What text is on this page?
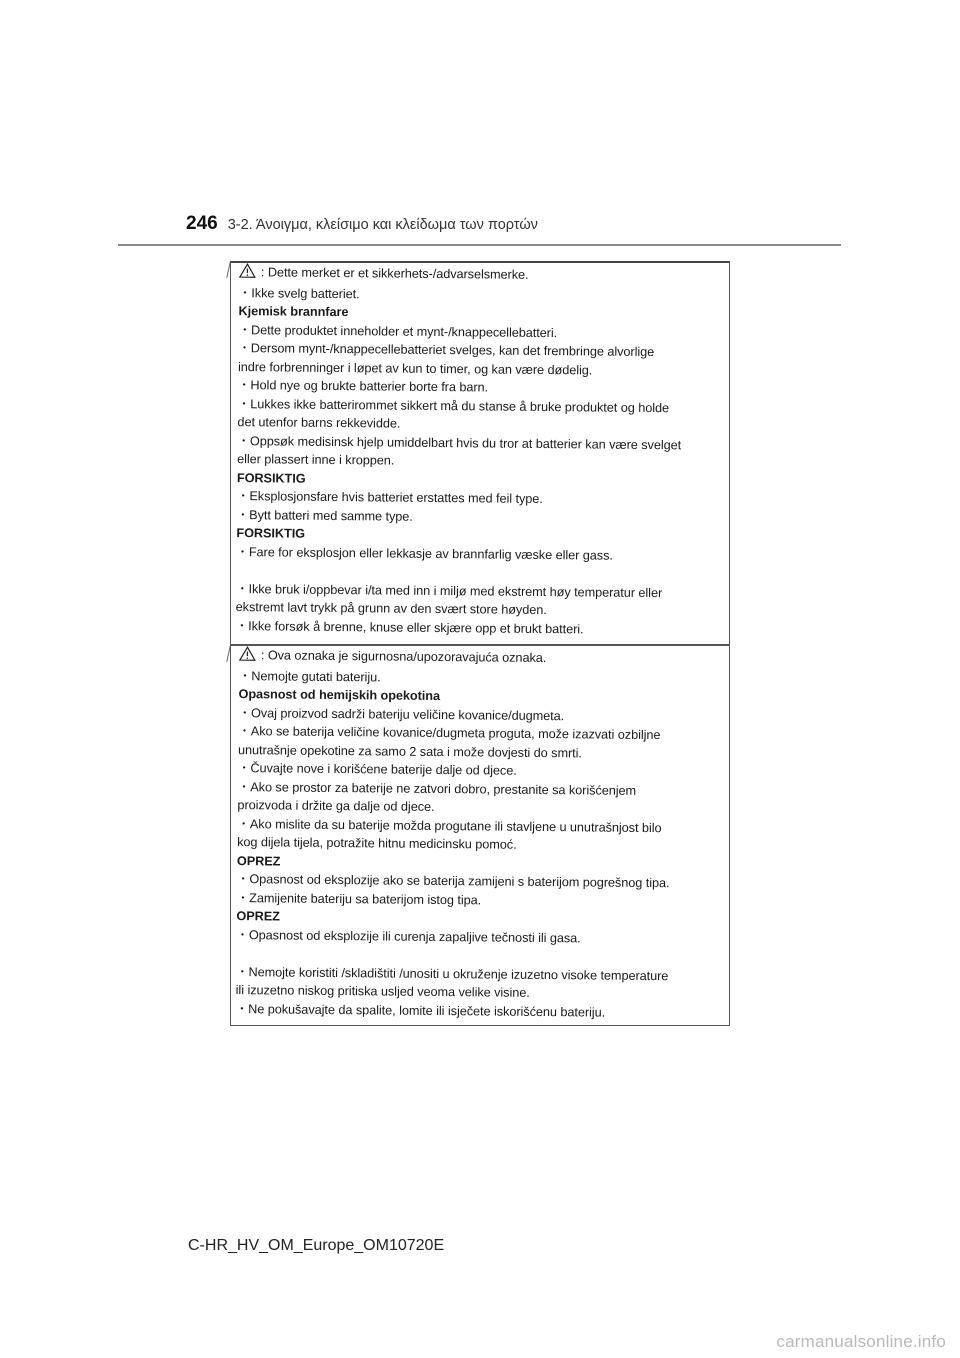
246 3-2. Άνοιγμα, κλείσιμο και κλείδωμα των πορτών
: Dette merket er et sikkerhets-/advarselsmerke.
・Ikke svelg batteriet.
Kjemisk brannfare
・Dette produktet inneholder et mynt-/knappecellebatteri.
・Dersom mynt-/knappecellebatteriet svelges, kan det frembringe alvorlige
indre forbrenninger i løpet av kun to timer, og kan være dødelig.
・Hold nye og brukte batterier borte fra barn.
・Lukkes ikke batterirommet sikkert må du stanse å bruke produktet og holde
det utenfor barns rekkevidde.
・Oppsøk medisinsk hjelp umiddelbart hvis du tror at batterier kan være svelget
eller plassert inne i kroppen.
FORSIKTIG
・Eksplosjonsfare hvis batteriet erstattes med feil type.
・Bytt batteri med samme type.
FORSIKTIG
・Fare for eksplosjon eller lekkasje av brannfarlig væske eller gass.
・Ikke bruk i/oppbevar i/ta med inn i miljø med ekstremt høy temperatur eller
ekstremt lavt trykk på grunn av den svært store høyden.
・Ikke forsøk å brenne, knuse eller skjære opp et brukt batteri.
: Ova oznaka je sigurnosna/upozoravajuća oznaka.
・Nemojte gutati bateriju.
Opasnost od hemijskih opekotina
・Ovaj proizvod sadrži bateriju veličine kovanice/dugmeta.
・Ako se baterija veličine kovanice/dugmeta proguta, može izazvati ozbiljne
unutrašnje opekotine za samo 2 sata i može dovjesti do smrti.
・Čuvajte nove i korišćene baterije dalje od djece.
・Ako se prostor za baterije ne zatvori dobro, prestanite sa korišćenjem
proizvoda i držite ga dalje od djece.
・Ako mislite da su baterije možda progutane ili stavljene u unutrašnjost bilo
kog dijela tijela, potražite hitnu medicinsku pomoć.
OPREZ
・Opasnost od eksplozije ako se baterija zamijeni s baterijom pogrešnog tipa.
・Zamijenite bateriju sa baterijom istog tipa.
OPREZ
・Opasnost od eksplozije ili curenja zapaljive tečnosti ili gasa.
・Nemojte koristiti /skladištiti /unositi u okruženje izuzetno visoke temperature
ili izuzetno niskog pritiska usljed veoma velike visine.
・Ne pokušavajte da spalite, lomite ili isječete iskorišćenu bateriju.
C-HR_HV_OM_Europe_OM10720E
carmanualsonline.info
